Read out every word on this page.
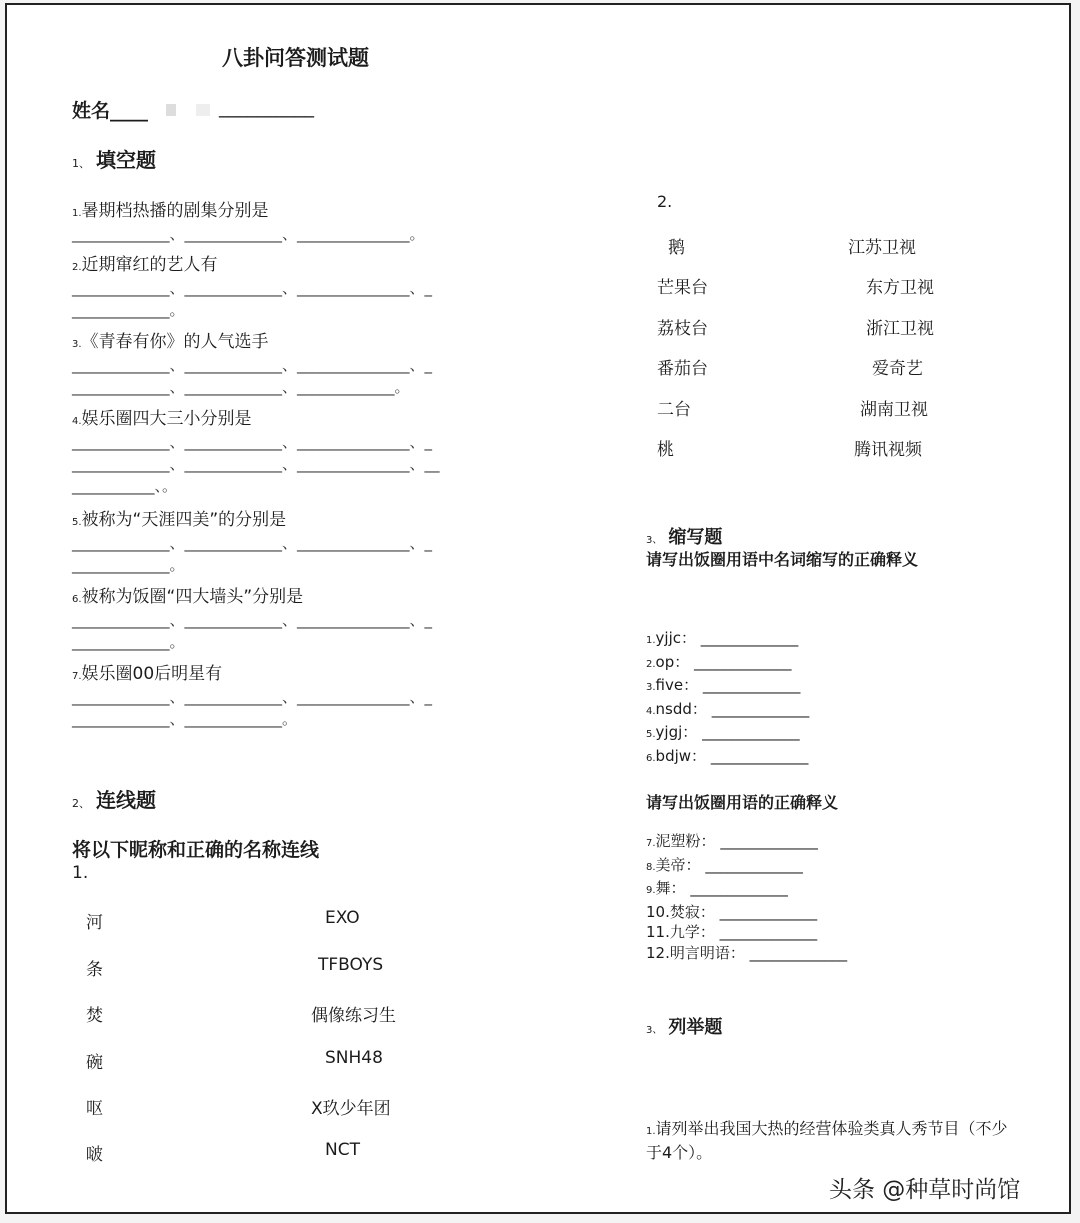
八卦问答测试题
姓名____	__________
1、 填空题
1.暑期档热播的剧集分别是
_____________、_____________、_______________。
2.近期窜红的艺人有
_____________、_____________、_______________、_
_____________。
3.《青春有你》的人气选手
_____________、_____________、_______________、_
_____________、_____________、_____________。
4.娱乐圈四大三小分别是
_____________、_____________、_______________、_
_____________、_____________、_______________、__
___________、。
5.被称为“天涯四美”的分别是
_____________、_____________、_______________、_
_____________。
6.被称为饭圈“四大墙头”分别是
_____________、_____________、_______________、_
_____________。
7.娱乐圈00后明星有
_____________、_____________、_______________、_
_____________、_____________。
2、 连线题
将以下昵称和正确的名称连线
1.
河
条
焚
碗
呕
啵
EXO
TFBOYS
偶像练习生
SNH48
X玖少年团
NCT
2.
鹅
芒果台
荔枝台
番茄台
二台
桃
江苏卫视
东方卫视
浙江卫视
爱奇艺
湖南卫视
腾讯视频
3、 缩写题
请写出饭圈用语中名词缩写的正确释义
1.yjjc： _____________
2.op： _____________
3.five： _____________
4.nsdd： _____________
5.yjgj： _____________
6.bdjw： _____________
请写出饭圈用语的正确释义
7.泥塑粉： _____________
8.美帝： _____________
9.舞： _____________
10.焚寂： _____________
11.九学： _____________
12.明言明语： _____________
3、 列举题
1.请列举出我国大热的经营体验类真人秀节目（不少
于4个）。
头条 @种草时尚馆
